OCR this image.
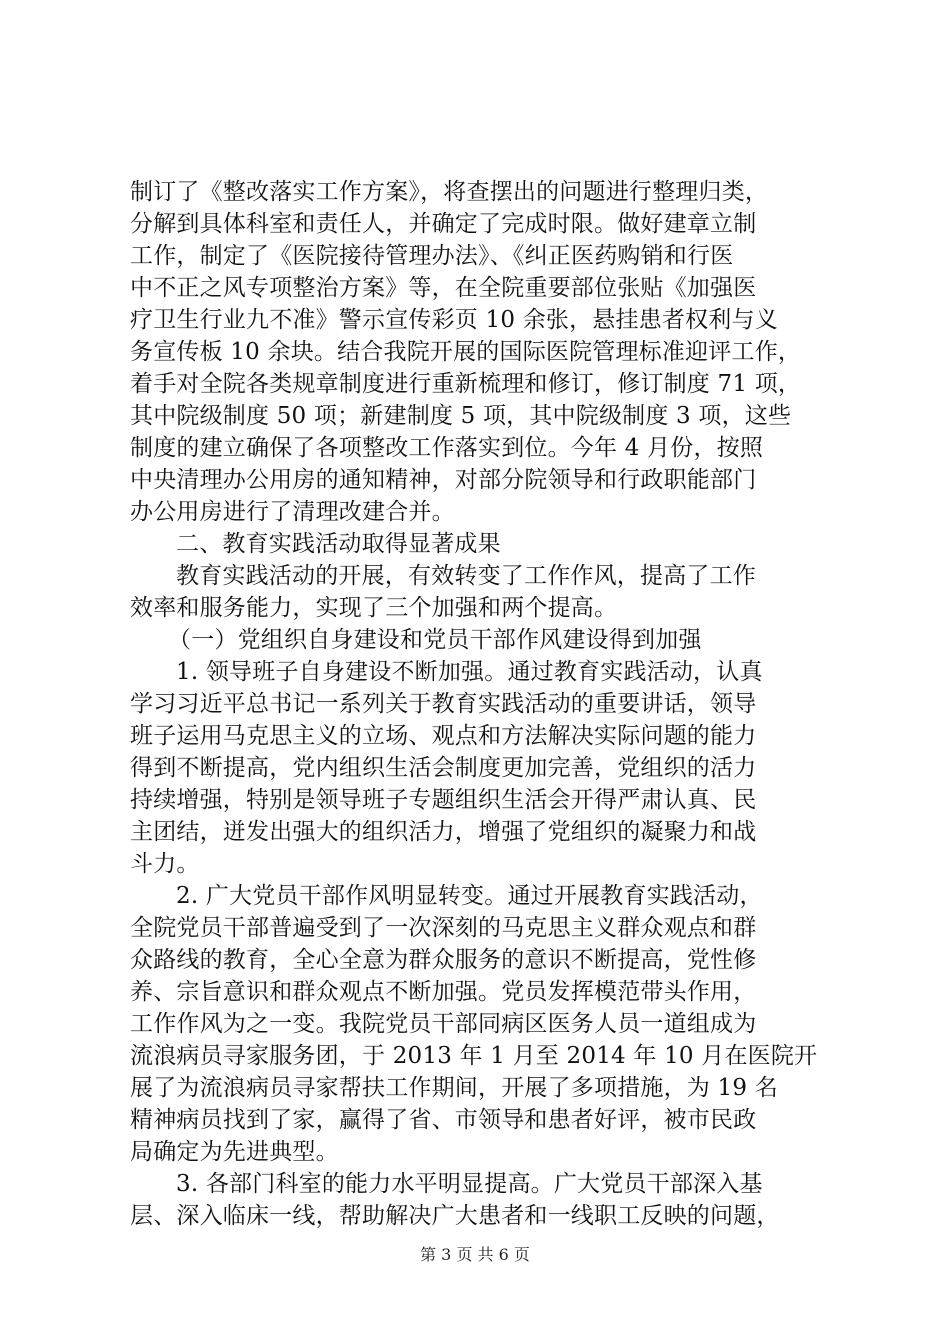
制订了《整改落实工作方案》，将查摆出的问题进行整理归类，
分解到具体科室和责任人，并确定了完成时限。做好建章立制
工作，制定了《医院接待管理办法》、《纠正医药购销和行医
中不正之风专项整治方案》等，在全院重要部位张贴《加强医
疗卫生行业九不准》警示宣传彩页 10 余张，悬挂患者权利与义
务宣传板 10 余块。结合我院开展的国际医院管理标准迎评工作，
着手对全院各类规章制度进行重新梳理和修订，修订制度 71 项，
其中院级制度 50 项；新建制度 5 项，其中院级制度 3 项，这些
制度的建立确保了各项整改工作落实到位。今年 4 月份，按照
中央清理办公用房的通知精神，对部分院领导和行政职能部门
办公用房进行了清理改建合并。
二、教育实践活动取得显著成果
教育实践活动的开展，有效转变了工作作风，提高了工作
效率和服务能力，实现了三个加强和两个提高。
（一）党组织自身建设和党员干部作风建设得到加强
1. 领导班子自身建设不断加强。通过教育实践活动，认真
学习习近平总书记一系列关于教育实践活动的重要讲话，领导
班子运用马克思主义的立场、观点和方法解决实际问题的能力
得到不断提高，党内组织生活会制度更加完善，党组织的活力
持续增强，特别是领导班子专题组织生活会开得严肃认真、民
主团结，迸发出强大的组织活力，增强了党组织的凝聚力和战
斗力。
2. 广大党员干部作风明显转变。通过开展教育实践活动，
全院党员干部普遍受到了一次深刻的马克思主义群众观点和群
众路线的教育，全心全意为群众服务的意识不断提高，党性修
养、宗旨意识和群众观点不断加强。党员发挥模范带头作用，
工作作风为之一变。我院党员干部同病区医务人员一道组成为
流浪病员寻家服务团，于 2013 年 1 月至 2014 年 10 月在医院开
展了为流浪病员寻家帮扶工作期间，开展了多项措施，为 19 名
精神病员找到了家，赢得了省、市领导和患者好评，被市民政
局确定为先进典型。
3. 各部门科室的能力水平明显提高。广大党员干部深入基
层、深入临床一线，帮助解决广大患者和一线职工反映的问题，
第 3 页 共 6 页
